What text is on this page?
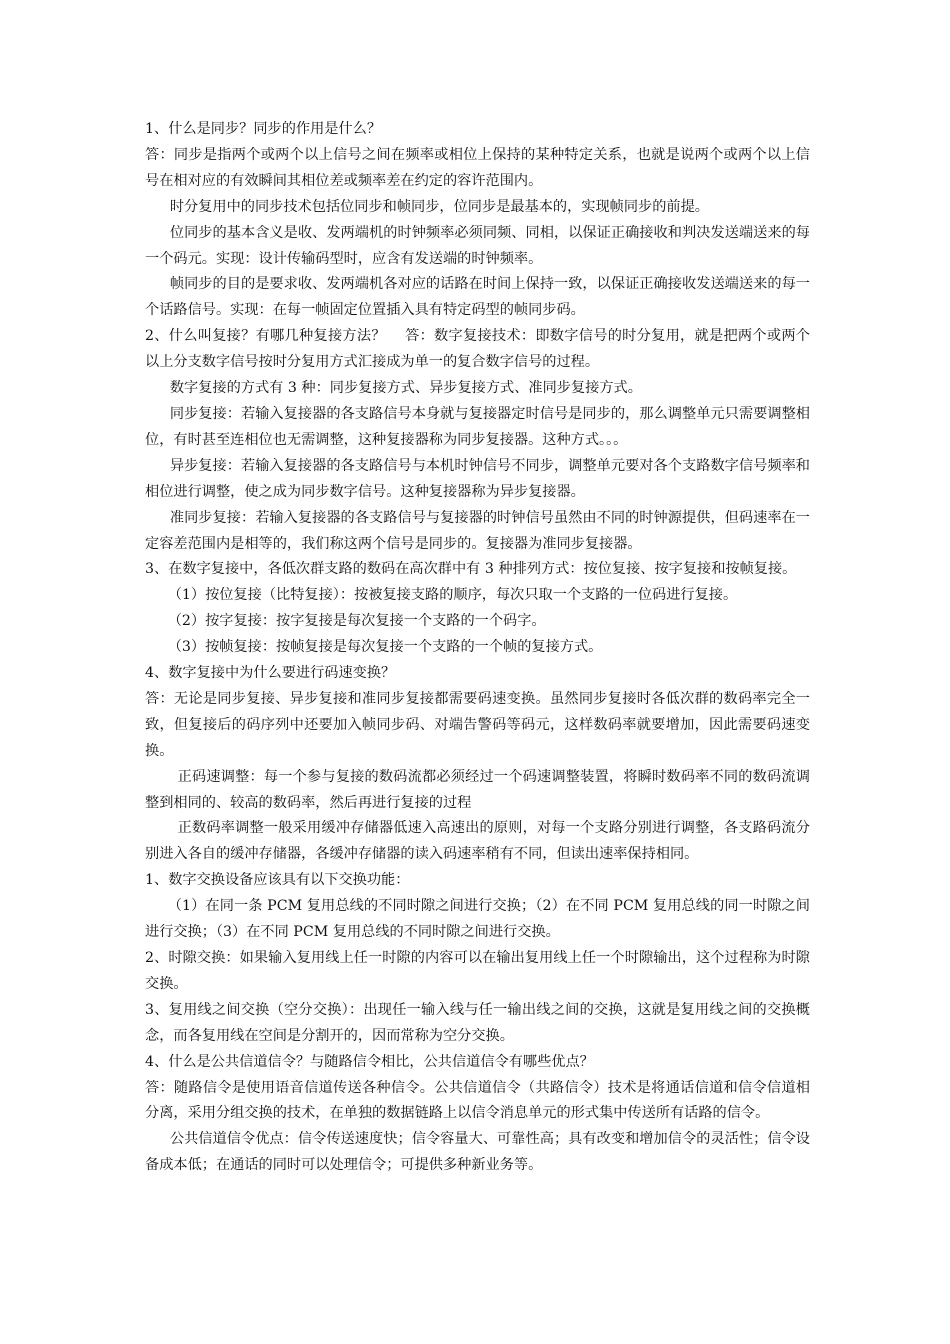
1、什么是同步？同步的作用是什么？

答：同步是指两个或两个以上信号之间在频率或相位上保持的某种特定关系，也就是说两个或两个以上信号在相对应的有效瞬间其相位差或频率差在约定的容许范围内。

时分复用中的同步技术包括位同步和帧同步，位同步是最基本的，实现帧同步的前提。

位同步的基本含义是收、发两端机的时钟频率必须同频、同相，以保证正确接收和判决发送端送来的每一个码元。实现：设计传输码型时，应含有发送端的时钟频率。

帧同步的目的是要求收、发两端机各对应的话路在时间上保持一致，以保证正确接收发送端送来的每一个话路信号。实现：在每一帧固定位置插入具有特定码型的帧同步码。

2、什么叫复接？有哪几种复接方法？　 答：数字复接技术：即数字信号的时分复用，就是把两个或两个以上分支数字信号按时分复用方式汇接成为单一的复合数字信号的过程。

数字复接的方式有 3 种：同步复接方式、异步复接方式、准同步复接方式。

同步复接：若输入复接器的各支路信号本身就与复接器定时信号是同步的，那么调整单元只需要调整相位，有时甚至连相位也无需调整，这种复接器称为同步复接器。这种方式。。。

异步复接：若输入复接器的各支路信号与本机时钟信号不同步，调整单元要对各个支路数字信号频率和相位进行调整，使之成为同步数字信号。这种复接器称为异步复接器。

准同步复接：若输入复接器的各支路信号与复接器的时钟信号虽然由不同的时钟源提供，但码速率在一定容差范围内是相等的，我们称这两个信号是同步的。复接器为准同步复接器。

3、在数字复接中，各低次群支路的数码在高次群中有 3 种排列方式：按位复接、按字复接和按帧复接。

（1）按位复接（比特复接）：按被复接支路的顺序，每次只取一个支路的一位码进行复接。

（2）按字复接：按字复接是每次复接一个支路的一个码字。

（3）按帧复接：按帧复接是每次复接一个支路的一个帧的复接方式。

4、数字复接中为什么要进行码速变换？

答：无论是同步复接、异步复接和准同步复接都需要码速变换。虽然同步复接时各低次群的数码率完全一致，但复接后的码序列中还要加入帧同步码、对端告警码等码元，这样数码率就要增加，因此需要码速变换。

正码速调整：每一个参与复接的数码流都必须经过一个码速调整装置，将瞬时数码率不同的数码流调整到相同的、较高的数码率，然后再进行复接的过程

正数码率调整一般采用缓冲存储器低速入高速出的原则，对每一个支路分别进行调整，各支路码流分别进入各自的缓冲存储器，各缓冲存储器的读入码速率稍有不同，但读出速率保持相同。

1、数字交换设备应该具有以下交换功能：

（1）在同一条 PCM 复用总线的不同时隙之间进行交换；（2）在不同 PCM 复用总线的同一时隙之间进行交换；（3）在不同 PCM 复用总线的不同时隙之间进行交换。

2、时隙交换：如果输入复用线上任一时隙的内容可以在输出复用线上任一个时隙输出，这个过程称为时隙交换。

3、复用线之间交换（空分交换）：出现任一输入线与任一输出线之间的交换，这就是复用线之间的交换概念，而各复用线在空间是分割开的，因而常称为空分交换。

4、什么是公共信道信令？与随路信令相比，公共信道信令有哪些优点？

答：随路信令是使用语音信道传送各种信令。公共信道信令（共路信令）技术是将通话信道和信令信道相分离，采用分组交换的技术，在单独的数据链路上以信令消息单元的形式集中传送所有话路的信令。

公共信道信令优点：信令传送速度快；信令容量大、可靠性高；具有改变和增加信令的灵活性；信令设备成本低；在通话的同时可以处理信令；可提供多种新业务等。
